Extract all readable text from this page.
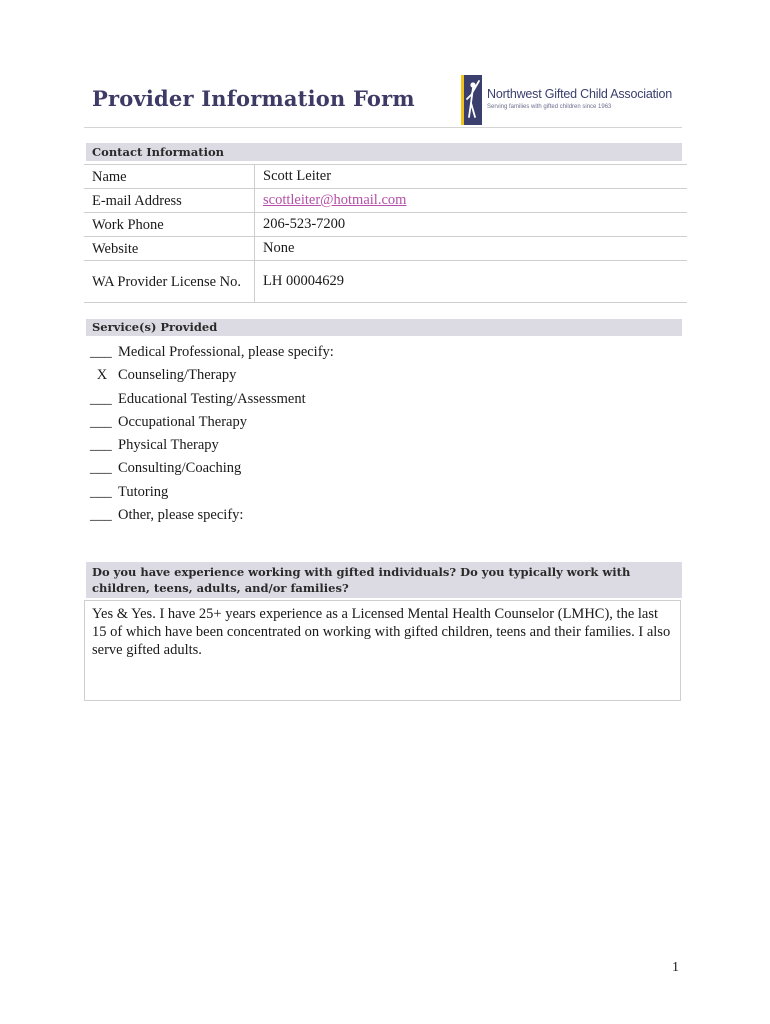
Provider Information Form	Northwest Gifted Child Association
Serving families with gifted children since 1963
Contact Information
Name	Scott Leiter
E-mail Address	scottleiter@hotmail.com
Work Phone	206-523-7200
Website	None
WA Provider License No.	LH 00004629
Service(s) Provided
___ Medical Professional, please specify:
X Counseling/Therapy
___ Educational Testing/Assessment
___ Occupational Therapy
___ Physical Therapy
___ Consulting/Coaching
___ Tutoring
___ Other, please specify:
Do you have experience working with gifted individuals? Do you typically work with children, teens, adults, and/or families?
Yes & Yes. I have 25+ years experience as a Licensed Mental Health Counselor (LMHC), the last 15 of which have been concentrated on working with gifted children, teens and their families. I also serve gifted adults.
1
